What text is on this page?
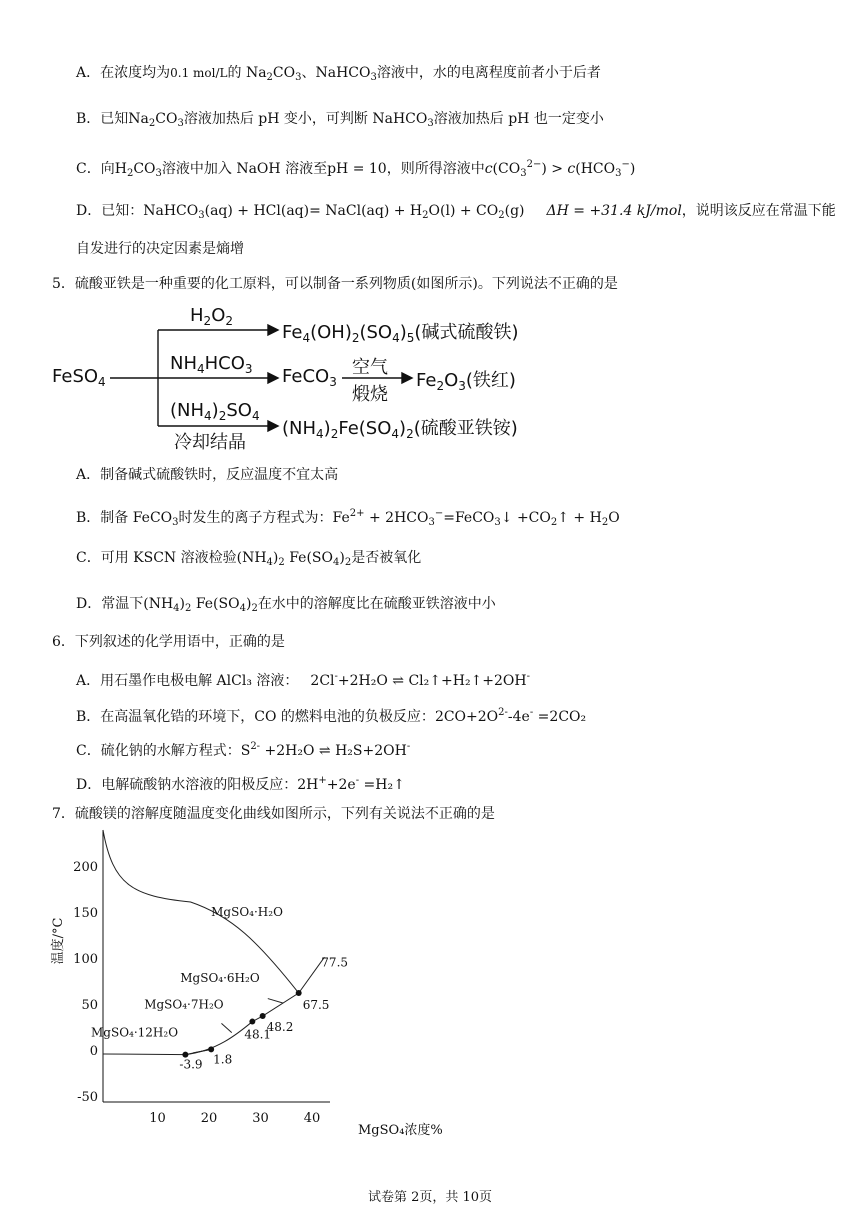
A．在浓度均为0.1 mol/L的 $Na_2CO_3$、NaHCO$_3$溶液中，水的电离程度前者小于后者
B．已知$Na_2CO_3$溶液加热后 pH 变小，可判断 NaHCO$_3$溶液加热后 pH 也一定变小
C．向$H_2CO_3$溶液中加入 NaOH 溶液至pH = 10，则所得溶液中$c(CO_3^{2-}) > c(HCO_3^-)$
D．已知：NaHCO$_3$(aq) + HCl(aq)= NaCl(aq) + $H_2O(l) + CO_2(g) \Delta H = +31.4$ kJ/mol，说明该反应在常温下能
自发进行的决定因素是熵增
5．硫酸亚铁是一种重要的化工原料，可以制备一系列物质(如图所示)。下列说法不正确的是
FeSO$_4$
$H_2O_2$
$Fe_4(OH)_2(SO_4)_5$(碱式硫酸铁)
$NH_4HCO_3$ FeCO$_3$
空气
煅烧
$Fe_2O_3$(铁红)
$(NH_4)_2SO_4$
冷却结晶
$(NH_4)_2Fe(SO_4)_2$(硫酸亚铁铵)
A．制备碱式硫酸铁时，反应温度不宜太高
B．制备 FeCO$_3$时发生的离子方程式为：$Fe^{2+}$ + $2HCO_3^-=FeCO_3↓$ $+CO_2↑ + H_2O$
C．可用 KSCN 溶液检验$(NH_4)_2$ $Fe(SO_4)_2$是否被氧化
D．常温下$(NH_4)_2$ $Fe(SO_4)_2$在水中的溶解度比在硫酸亚铁溶液中小
6．下列叙述的化学用语中，正确的是
A．用石墨作电极电解 AlCl₃ 溶液： 2Cl-+2H₂O ⇌ Cl₂↑+H₂↑+2OH-
B．在高温氧化锆的环境下，CO 的燃料电池的负极反应：$2CO+2O^{2-}-4e^- =2CO_2$
C．硫化钠的水解方程式：$S^{2-} +2H_2O$ ⇌ H₂S+2OH-
D．电解硫酸钠水溶液的阳极反应：2H++2e- =H₂↑
7．硫酸镁的溶解度随温度变化曲线如图所示，下列有关说法不正确的是
200
150
100
50
0
-50
10	20	30	40
-3.9 1.8
48.1
48.2
67.5
77.5
MgSO₄·H₂O
MgSO₄·6H₂O
MgSO₄·7H₂O
MgSO₄·12H₂O
温度/°C
MgSO₄浓度%
试卷第 2页，共 10页
